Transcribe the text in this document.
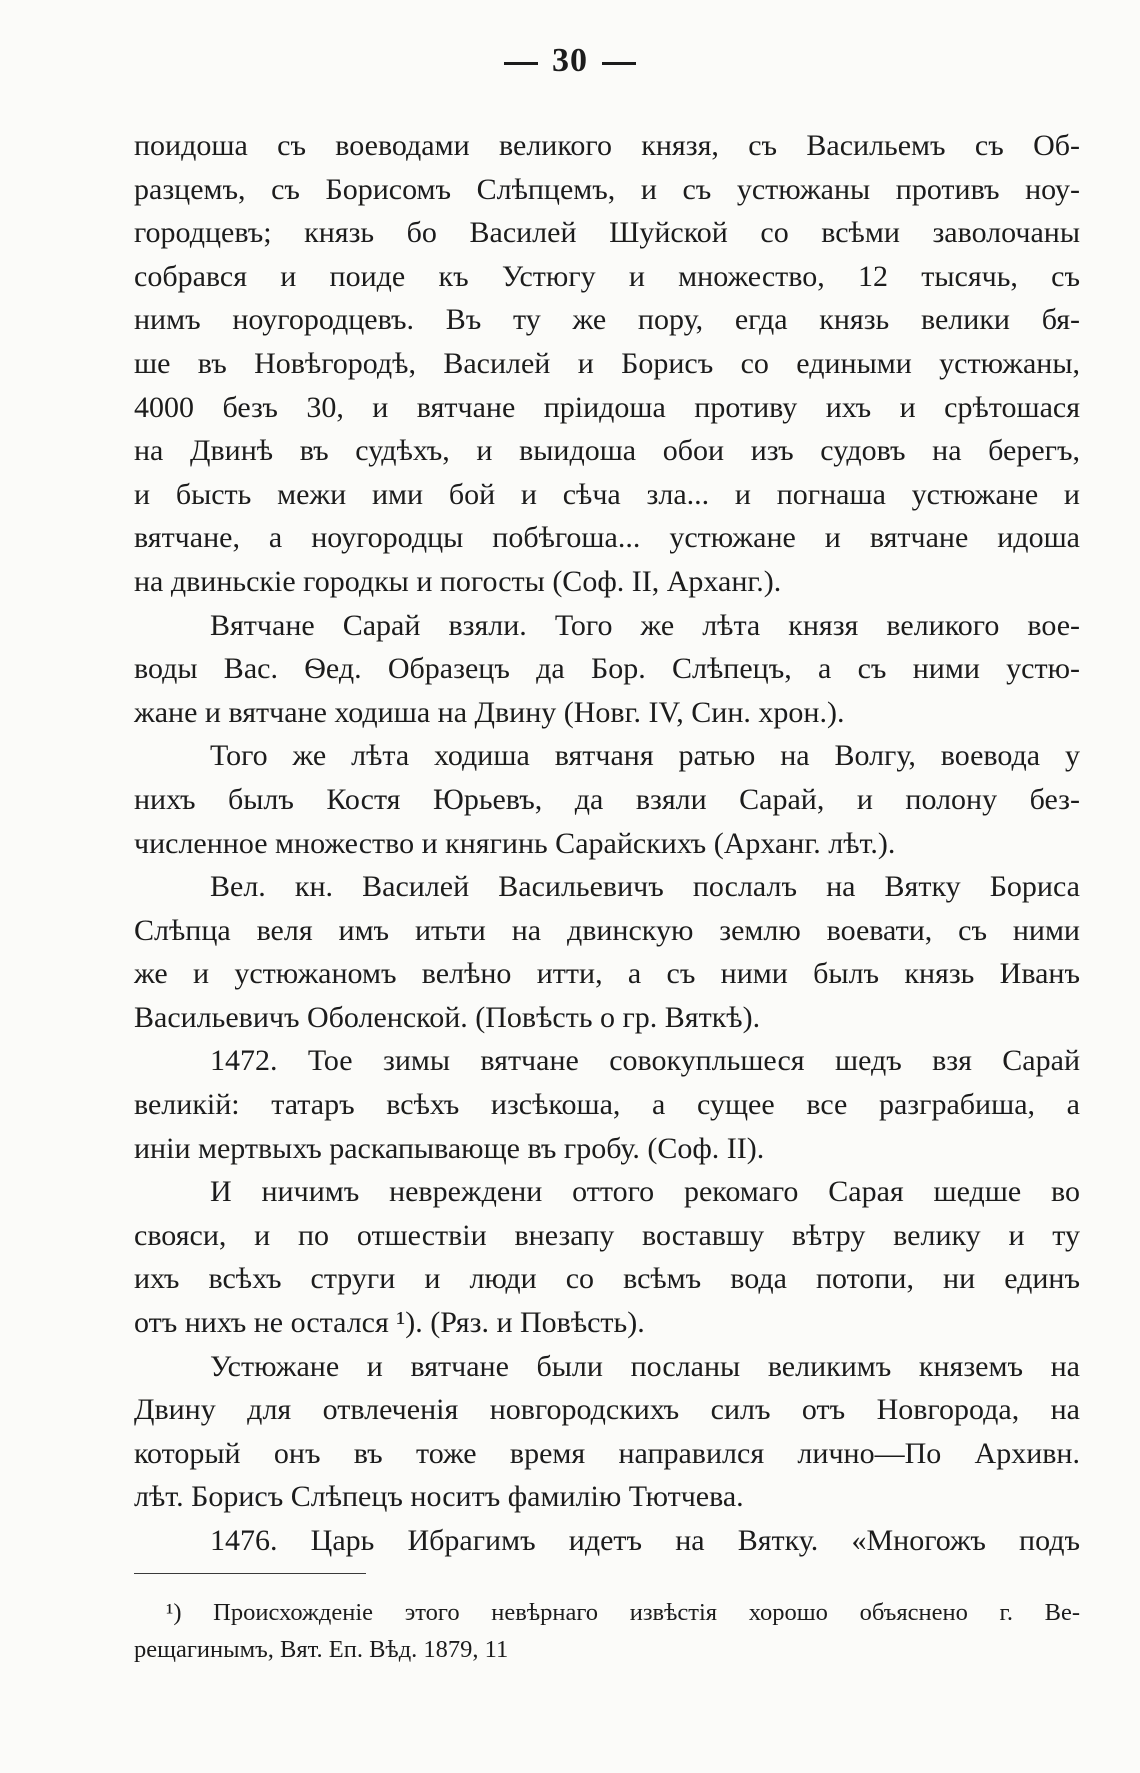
30
поидоша съ воеводами великого князя, съ Васильемъ съ Об-
разцемъ, съ Борисомъ Слѣпцемъ, и съ устюжаны противъ ноу-
городцевъ; князь бо Василей Шуйской со всѣми заволочаны
собрався и поиде къ Устюгу и множество, 12 тысячь, съ
нимъ ноугородцевъ. Въ ту же пору, егда князь велики бя-
ше въ Новѣгородѣ, Василей и Борисъ со едиными устюжаны,
4000 безъ 30, и вятчане пріидоша противу ихъ и срѣтошася
на Двинѣ въ судѣхъ, и выидоша обои изъ судовъ на берегъ,
и бысть межи ими бой и сѣча зла... и погнаша устюжане и
вятчане, а ноугородцы побѣгоша... устюжане и вятчане идоша
на двиньскіе городкы и погосты (Соф. II, Арханг.).
Вятчане Сарай взяли. Того же лѣта князя великого вое-
воды Вас. Ѳед. Образецъ да Бор. Слѣпецъ, а съ ними устю-
жане и вятчане ходиша на Двину (Новг. IV, Син. хрон.).
Того же лѣта ходиша вятчаня ратью на Волгу, воевода у
нихъ былъ Костя Юрьевъ, да взяли Сарай, и полону без-
численное множество и княгинь Сарайскихъ (Арханг. лѣт.).
Вел. кн. Василей Васильевичъ послалъ на Вятку Бориса
Слѣпца веля имъ итьти на двинскую землю воевати, съ ними
же и устюжаномъ велѣно итти, а съ ними былъ князь Иванъ
Васильевичъ Оболенской. (Повѣсть о гр. Вяткѣ).
1472. Тое зимы вятчане совокупльшеся шедъ взя Сарай
великій: татаръ всѣхъ изсѣкоша, а сущее все разграбиша, а
иніи мертвыхъ раскапывающе въ гробу. (Соф. II).
И ничимъ невреждени оттого рекомаго Сарая шедше во
свояси, и по отшествіи внезапу воставшу вѣтру велику и ту
ихъ всѣхъ струги и люди со всѣмъ вода потопи, ни единъ
отъ нихъ не остался ¹). (Ряз. и Повѣсть).
Устюжане и вятчане были посланы великимъ княземъ на
Двину для отвлеченія новгородскихъ силъ отъ Новгорода, на
который онъ въ тоже время направился лично—По Архивн.
лѣт. Борисъ Слѣпецъ носитъ фамилію Тютчева.
1476. Царь Ибрагимъ идетъ на Вятку. «Многожъ подъ
¹) Происхожденіе этого невѣрнаго извѣстія хорошо объяснено г. Ве-
рещагинымъ, Вят. Еп. Вѣд. 1879, 11
